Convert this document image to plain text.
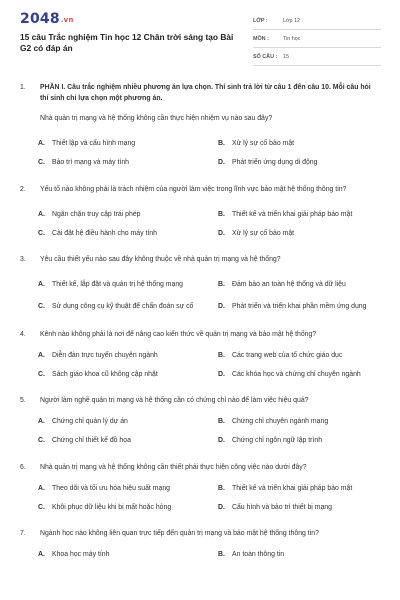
2048.vn
15 câu Trắc nghiệm Tin học 12 Chân trời sáng tạo Bài G2 có đáp án
LỚP :	Lớp 12
MÔN :	Tin học
SỐ CÂU :	15
1. PHẦN I. Câu trắc nghiệm nhiều phương án lựa chọn. Thí sinh trả lời từ câu 1 đến câu 10. Mỗi câu hỏi thí sinh chỉ lựa chọn một phương án.
Nhà quản trị mạng và hệ thống không cần thực hiện nhiệm vụ nào sau đây?
A.	Thiết lập và cấu hình mạng	B.	Xử lý sự cố bảo mật
C.	Bảo trì mạng và máy tính	D.	Phát triển ứng dụng di động
2. Yếu tố nào không phải là trách nhiệm của người làm việc trong lĩnh vực bảo mật hệ thống thông tin?
A.	Ngăn chặn truy cập trái phép	B.	Thiết kế và triển khai giải pháp bảo mật
C.	Cài đặt hệ điều hành cho máy tính	D.	Xử lý sự cố bảo mật
3. Yêu cầu thiết yếu nào sau đây không thuộc về nhà quản trị mạng và hệ thống?
A.	Thiết kế, lắp đặt và quản trị hệ thống mạng	B.	Đảm bảo an toàn hệ thống và dữ liệu
C.	Sử dụng công cụ kỹ thuật để chẩn đoán sự cố	D.	Phát triển và triển khai phần mềm ứng dụng
4. Kênh nào không phải là nơi để nâng cao kiến thức về quản trị mạng và bảo mật hệ thống?
A.	Diễn đàn trực tuyến chuyên ngành	B.	Các trang web của tổ chức giáo dục
C.	Sách giáo khoa cũ không cập nhật	D.	Các khóa học và chứng chỉ chuyên ngành
5. Người làm nghề quản trị mạng và hệ thống cần có chứng chỉ nào để làm việc hiệu quả?
A.	Chứng chỉ quản lý dự án	B.	Chứng chỉ chuyên ngành mạng
C.	Chứng chỉ thiết kế đồ họa	D.	Chứng chỉ ngôn ngữ lập trình
6. Nhà quản trị mạng và hệ thống không cần thiết phải thực hiện công việc nào dưới đây?
A.	Theo dõi và tối ưu hóa hiệu suất mạng	B.	Thiết kế và triển khai giải pháp bảo mật
C.	Khôi phục dữ liệu khi bị mất hoặc hỏng	D.	Cấu hình và bảo trì thiết bị mạng
7. Ngành học nào không liên quan trực tiếp đến quản trị mạng và bảo mật hệ thống thông tin?
A.	Khoa học máy tính	B.	An toàn thông tin
